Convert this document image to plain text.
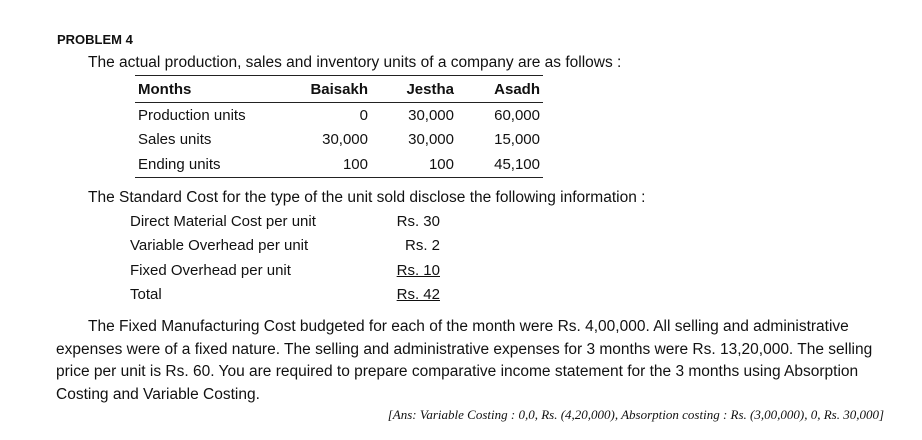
PROBLEM 4
The actual production, sales and inventory units of a company are as follows :
Months	Baisakh	Jestha	Asadh
Production units	0	30,000	60,000
Sales units	30,000	30,000	15,000
Ending units	100	100	45,100
The Standard Cost for the type of the unit sold disclose the following information :
Direct Material Cost per unit	Rs. 30
Variable Overhead per unit	Rs. 2
Fixed Overhead per unit	Rs. 10
Total	Rs. 42
The Fixed Manufacturing Cost budgeted for each of the month were Rs. 4,00,000. All selling and administrative expenses were of a fixed nature. The selling and administrative expenses for 3 months were Rs. 13,20,000. The selling price per unit is Rs. 60. You are required to prepare comparative income statement for the 3 months using Absorption Costing and Variable Costing.
[Ans: Variable Costing : 0,0, Rs. (4,20,000), Absorption costing : Rs. (3,00,000), 0, Rs. 30,000]
